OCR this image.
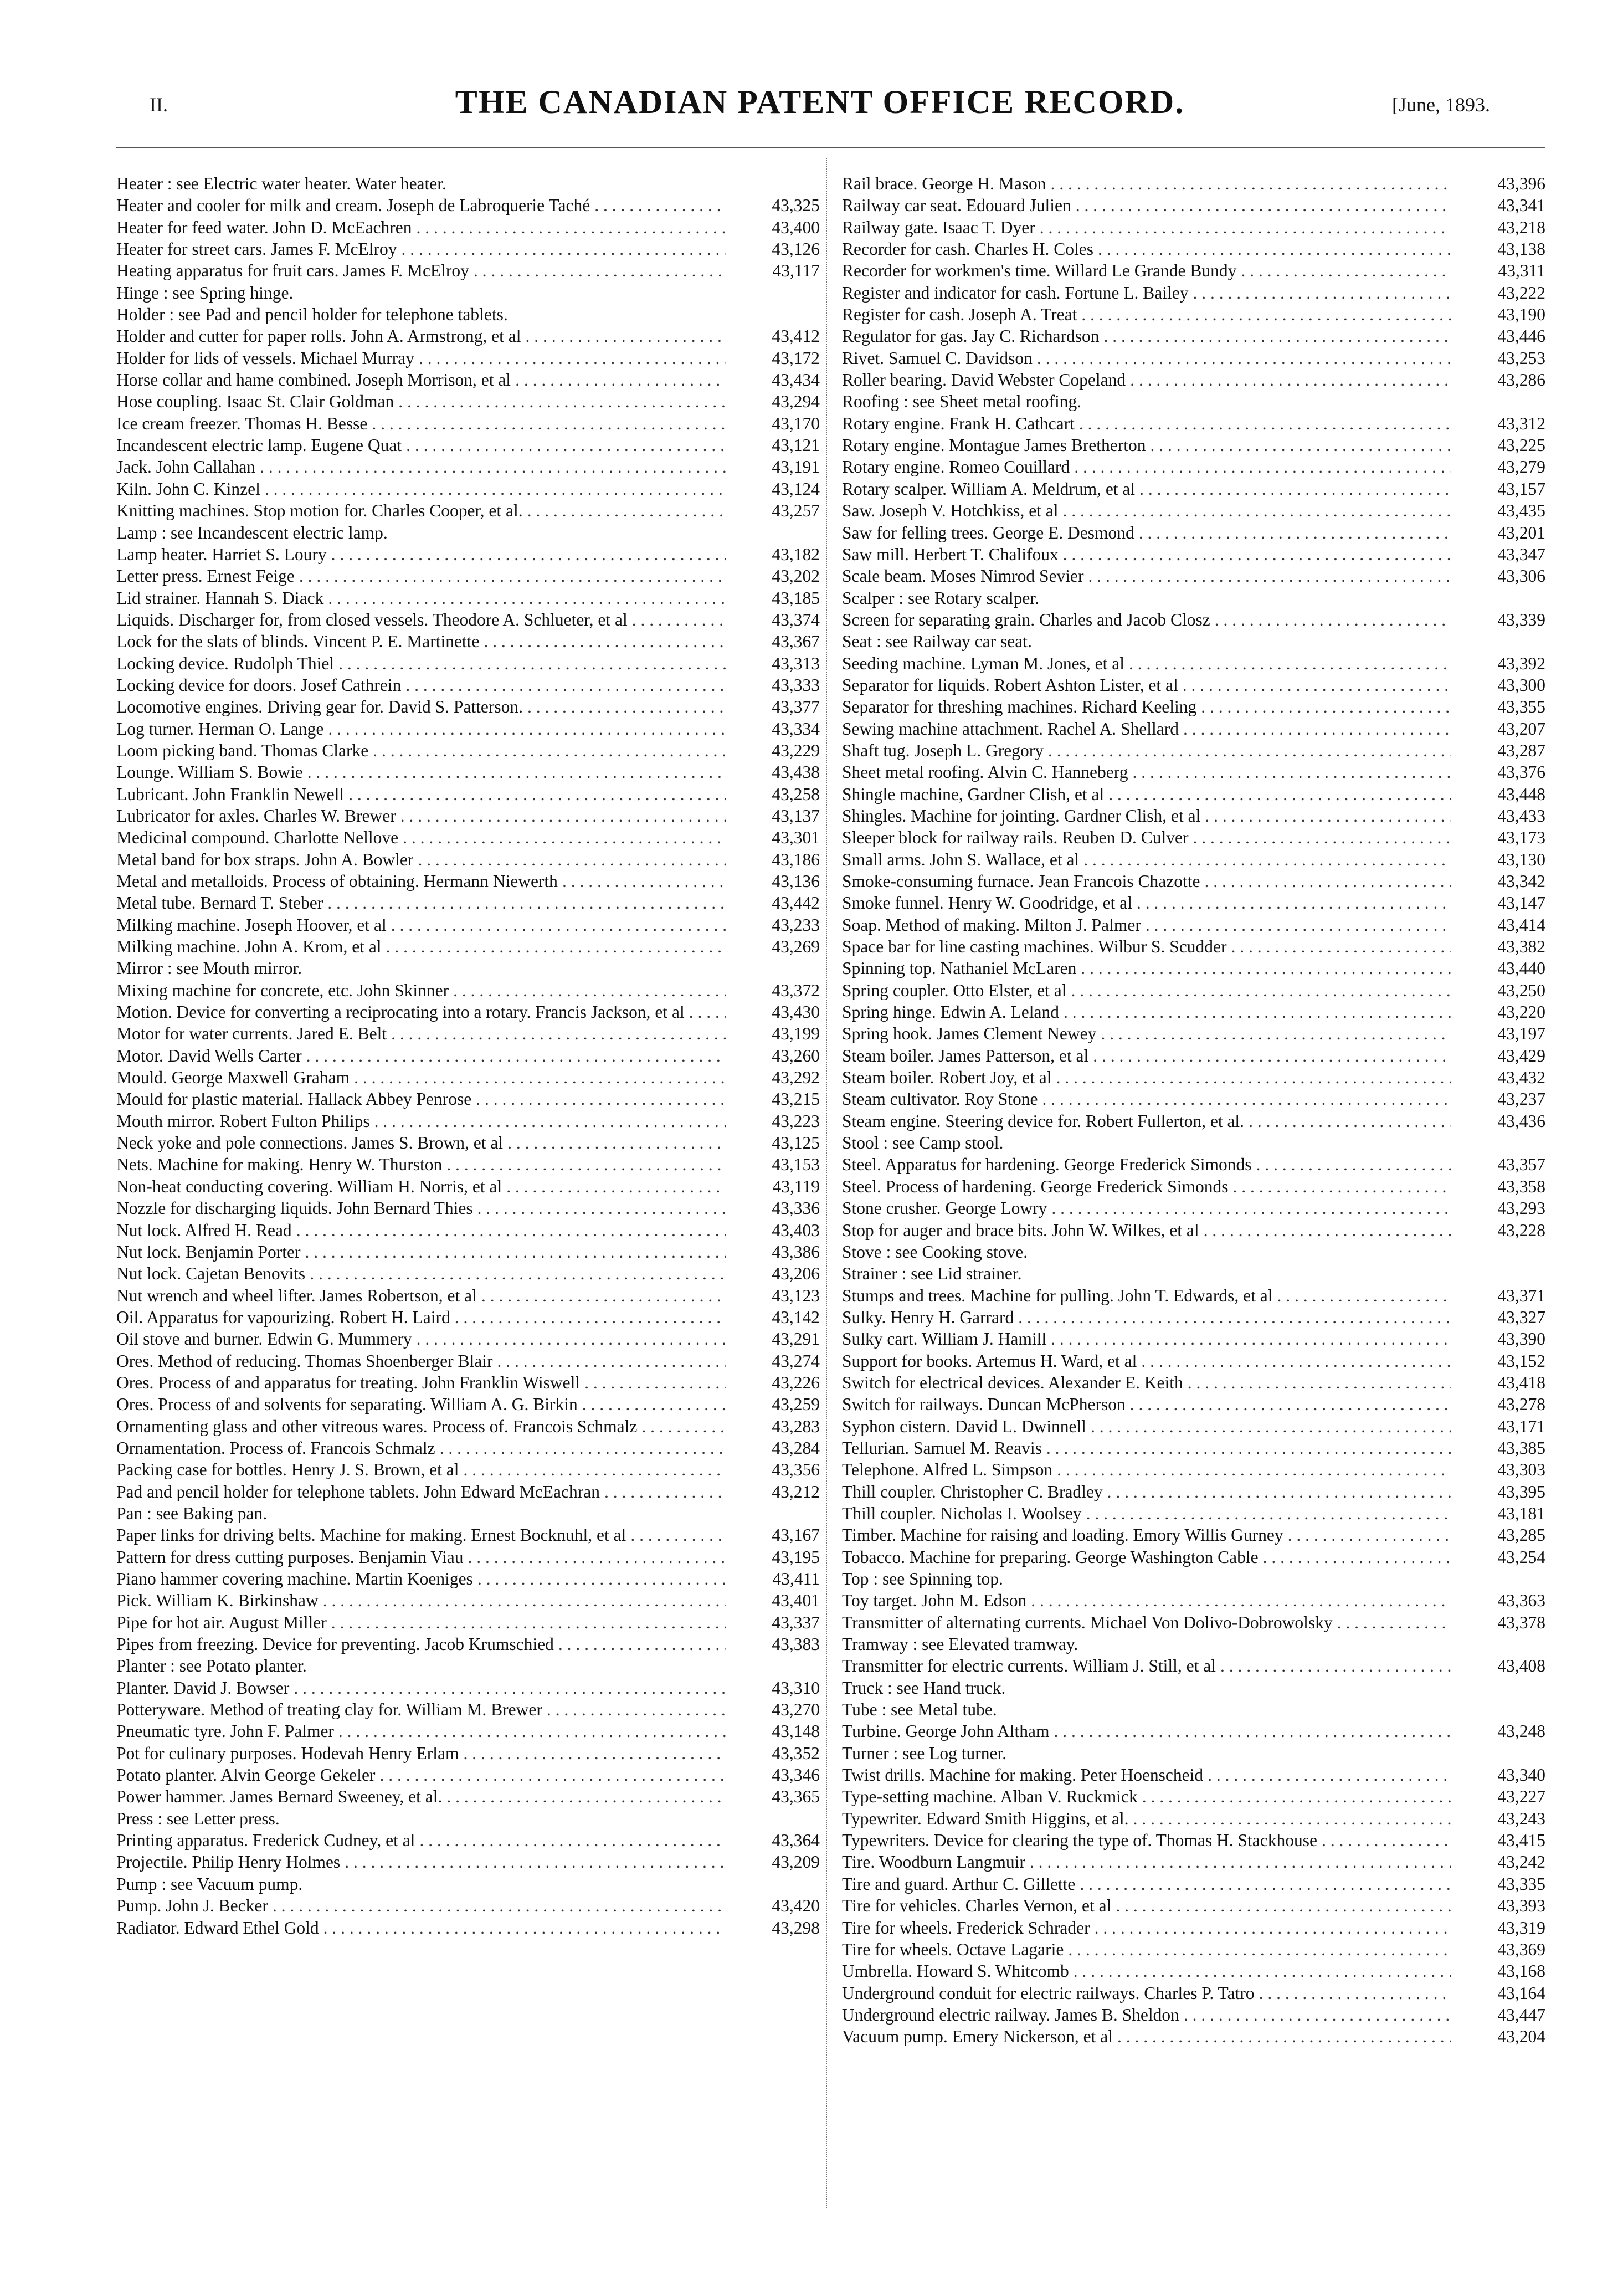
II.	THE CANADIAN PATENT OFFICE RECORD.	[June, 1893.
Heater : see Electric water heater. Water heater.
Heater and cooler for milk and cream. Joseph de Labroquerie Taché . . .	43,325
Heater for feed water. John D. McEachren . . .	43,400
Heater for street cars. James F. McElroy . . .	43,126
Heating apparatus for fruit cars. James F. McElroy . . .	43,117
Hinge : see Spring hinge.
Holder : see Pad and pencil holder for telephone tablets.
Holder and cutter for paper rolls. John A. Armstrong, et al . . .	43,412
Holder for lids of vessels. Michael Murray . . .	43,172
Horse collar and hame combined. Joseph Morrison, et al . . .	43,434
Hose coupling. Isaac St. Clair Goldman . . .	43,294
Ice cream freezer. Thomas H. Besse . . .	43,170
Incandescent electric lamp. Eugene Quat . . .	43,121
Jack. John Callahan . . .	43,191
Kiln. John C. Kinzel . . .	43,124
Knitting machines. Stop motion for. Charles Cooper, et al. . . .	43,257
Lamp : see Incandescent electric lamp.
Lamp heater. Harriet S. Loury . . .	43,182
Letter press. Ernest Feige . . .	43,202
Lid strainer. Hannah S. Diack . . .	43,185
Liquids. Discharger for, from closed vessels. Theodore A. Schlueter, et al . . .	43,374
Lock for the slats of blinds. Vincent P. E. Martinette . . .	43,367
Locking device. Rudolph Thiel . . .	43,313
Locking device for doors. Josef Cathrein . . .	43,333
Locomotive engines. Driving gear for. David S. Patterson. . . .	43,377
Log turner. Herman O. Lange . . .	43,334
Loom picking band. Thomas Clarke . . .	43,229
Lounge. William S. Bowie . . .	43,438
Lubricant. John Franklin Newell . . .	43,258
Lubricator for axles. Charles W. Brewer . . .	43,137
Medicinal compound. Charlotte Nellove . . .	43,301
Metal band for box straps. John A. Bowler . . .	43,186
Metal and metalloids. Process of obtaining. Hermann Niewerth . . .	43,136
Metal tube. Bernard T. Steber . . .	43,442
Milking machine. Joseph Hoover, et al . . .	43,233
Milking machine. John A. Krom, et al . . .	43,269
Mirror : see Mouth mirror.
Mixing machine for concrete, etc. John Skinner . . .	43,372
Motion. Device for converting a reciprocating into a rotary. Francis Jackson, et al . . .	43,430
Motor for water currents. Jared E. Belt . . .	43,199
Motor. David Wells Carter . . .	43,260
Mould. George Maxwell Graham . . .	43,292
Mould for plastic material. Hallack Abbey Penrose . . .	43,215
Mouth mirror. Robert Fulton Philips . . .	43,223
Neck yoke and pole connections. James S. Brown, et al . . .	43,125
Nets. Machine for making. Henry W. Thurston . . .	43,153
Non-heat conducting covering. William H. Norris, et al . . .	43,119
Nozzle for discharging liquids. John Bernard Thies . . .	43,336
Nut lock. Alfred H. Read . . .	43,403
Nut lock. Benjamin Porter . . .	43,386
Nut lock. Cajetan Benovits . . .	43,206
Nut wrench and wheel lifter. James Robertson, et al . . .	43,123
Oil. Apparatus for vapourizing. Robert H. Laird . . .	43,142
Oil stove and burner. Edwin G. Mummery . . .	43,291
Ores. Method of reducing. Thomas Shoenberger Blair . . .	43,274
Ores. Process of and apparatus for treating. John Franklin Wiswell . . .	43,226
Ores. Process of and solvents for separating. William A. G. Birkin . . .	43,259
Ornamenting glass and other vitreous wares. Process of. Francois Schmalz . . .	43,283
Ornamentation. Process of. Francois Schmalz . . .	43,284
Packing case for bottles. Henry J. S. Brown, et al . . .	43,356
Pad and pencil holder for telephone tablets. John Edward McEachran . . .	43,212
Pan : see Baking pan.
Paper links for driving belts. Machine for making. Ernest Bocknuhl, et al . . .	43,167
Pattern for dress cutting purposes. Benjamin Viau . . .	43,195
Piano hammer covering machine. Martin Koeniges . . .	43,411
Pick. William K. Birkinshaw . . .	43,401
Pipe for hot air. August Miller . . .	43,337
Pipes from freezing. Device for preventing. Jacob Krumschied . . .	43,383
Planter : see Potato planter.
Planter. David J. Bowser . . .	43,310
Potteryware. Method of treating clay for. William M. Brewer . . .	43,270
Pneumatic tyre. John F. Palmer . . .	43,148
Pot for culinary purposes. Hodevah Henry Erlam . . .	43,352
Potato planter. Alvin George Gekeler . . .	43,346
Power hammer. James Bernard Sweeney, et al. . . .	43,365
Press : see Letter press.
Printing apparatus. Frederick Cudney, et al . . .	43,364
Projectile. Philip Henry Holmes . . .	43,209
Pump : see Vacuum pump.
Pump. John J. Becker . . .	43,420
Radiator. Edward Ethel Gold . . .	43,298
Rail brace. George H. Mason . . .	43,396
Railway car seat. Edouard Julien . . .	43,341
Railway gate. Isaac T. Dyer . . .	43,218
Recorder for cash. Charles H. Coles . . .	43,138
Recorder for workmen's time. Willard Le Grande Bundy . . .	43,311
Register and indicator for cash. Fortune L. Bailey . . .	43,222
Register for cash. Joseph A. Treat . . .	43,190
Regulator for gas. Jay C. Richardson . . .	43,446
Rivet. Samuel C. Davidson . . .	43,253
Roller bearing. David Webster Copeland . . .	43,286
Roofing : see Sheet metal roofing.
Rotary engine. Frank H. Cathcart . . .	43,312
Rotary engine. Montague James Bretherton . . .	43,225
Rotary engine. Romeo Couillard . . .	43,279
Rotary scalper. William A. Meldrum, et al . . .	43,157
Saw. Joseph V. Hotchkiss, et al . . .	43,435
Saw for felling trees. George E. Desmond . . .	43,201
Saw mill. Herbert T. Chalifoux . . .	43,347
Scale beam. Moses Nimrod Sevier . . .	43,306
Scalper : see Rotary scalper.
Screen for separating grain. Charles and Jacob Closz . . .	43,339
Seat : see Railway car seat.
Seeding machine. Lyman M. Jones, et al . . .	43,392
Separator for liquids. Robert Ashton Lister, et al . . .	43,300
Separator for threshing machines. Richard Keeling . . .	43,355
Sewing machine attachment. Rachel A. Shellard . . .	43,207
Shaft tug. Joseph L. Gregory . . .	43,287
Sheet metal roofing. Alvin C. Hanneberg . . .	43,376
Shingle machine, Gardner Clish, et al . . .	43,448
Shingles. Machine for jointing. Gardner Clish, et al . . .	43,433
Sleeper block for railway rails. Reuben D. Culver . . .	43,173
Small arms. John S. Wallace, et al . . .	43,130
Smoke-consuming furnace. Jean Francois Chazotte . . .	43,342
Smoke funnel. Henry W. Goodridge, et al . . .	43,147
Soap. Method of making. Milton J. Palmer . . .	43,414
Space bar for line casting machines. Wilbur S. Scudder . . .	43,382
Spinning top. Nathaniel McLaren . . .	43,440
Spring coupler. Otto Elster, et al . . .	43,250
Spring hinge. Edwin A. Leland . . .	43,220
Spring hook. James Clement Newey . . .	43,197
Steam boiler. James Patterson, et al . . .	43,429
Steam boiler. Robert Joy, et al . . .	43,432
Steam cultivator. Roy Stone . . .	43,237
Steam engine. Steering device for. Robert Fullerton, et al. . . .	43,436
Stool : see Camp stool.
Steel. Apparatus for hardening. George Frederick Simonds . . .	43,357
Steel. Process of hardening. George Frederick Simonds . . .	43,358
Stone crusher. George Lowry . . .	43,293
Stop for auger and brace bits. John W. Wilkes, et al . . .	43,228
Stove : see Cooking stove.
Strainer : see Lid strainer.
Stumps and trees. Machine for pulling. John T. Edwards, et al . . .	43,371
Sulky. Henry H. Garrard . . .	43,327
Sulky cart. William J. Hamill . . .	43,390
Support for books. Artemus H. Ward, et al . . .	43,152
Switch for electrical devices. Alexander E. Keith . . .	43,418
Switch for railways. Duncan McPherson . . .	43,278
Syphon cistern. David L. Dwinnell . . .	43,171
Tellurian. Samuel M. Reavis . . .	43,385
Telephone. Alfred L. Simpson . . .	43,303
Thill coupler. Christopher C. Bradley . . .	43,395
Thill coupler. Nicholas I. Woolsey . . .	43,181
Timber. Machine for raising and loading. Emory Willis Gurney . . .	43,285
Tobacco. Machine for preparing. George Washington Cable . . .	43,254
Top : see Spinning top.
Toy target. John M. Edson . . .	43,363
Transmitter of alternating currents. Michael Von Dolivo-Dobrowolsky . . .	43,378
Tramway : see Elevated tramway.
Transmitter for electric currents. William J. Still, et al . . .	43,408
Truck : see Hand truck.
Tube : see Metal tube.
Turbine. George John Altham . . .	43,248
Turner : see Log turner.
Twist drills. Machine for making. Peter Hoenscheid . . .	43,340
Type-setting machine. Alban V. Ruckmick . . .	43,227
Typewriter. Edward Smith Higgins, et al. . . .	43,243
Typewriters. Device for clearing the type of. Thomas H. Stackhouse . . .	43,415
Tire. Woodburn Langmuir . . .	43,242
Tire and guard. Arthur C. Gillette . . .	43,335
Tire for vehicles. Charles Vernon, et al . . .	43,393
Tire for wheels. Frederick Schrader . . .	43,319
Tire for wheels. Octave Lagarie . . .	43,369
Umbrella. Howard S. Whitcomb . . .	43,168
Underground conduit for electric railways. Charles P. Tatro . . .	43,164
Underground electric railway. James B. Sheldon . . .	43,447
Vacuum pump. Emery Nickerson, et al . . .	43,204
